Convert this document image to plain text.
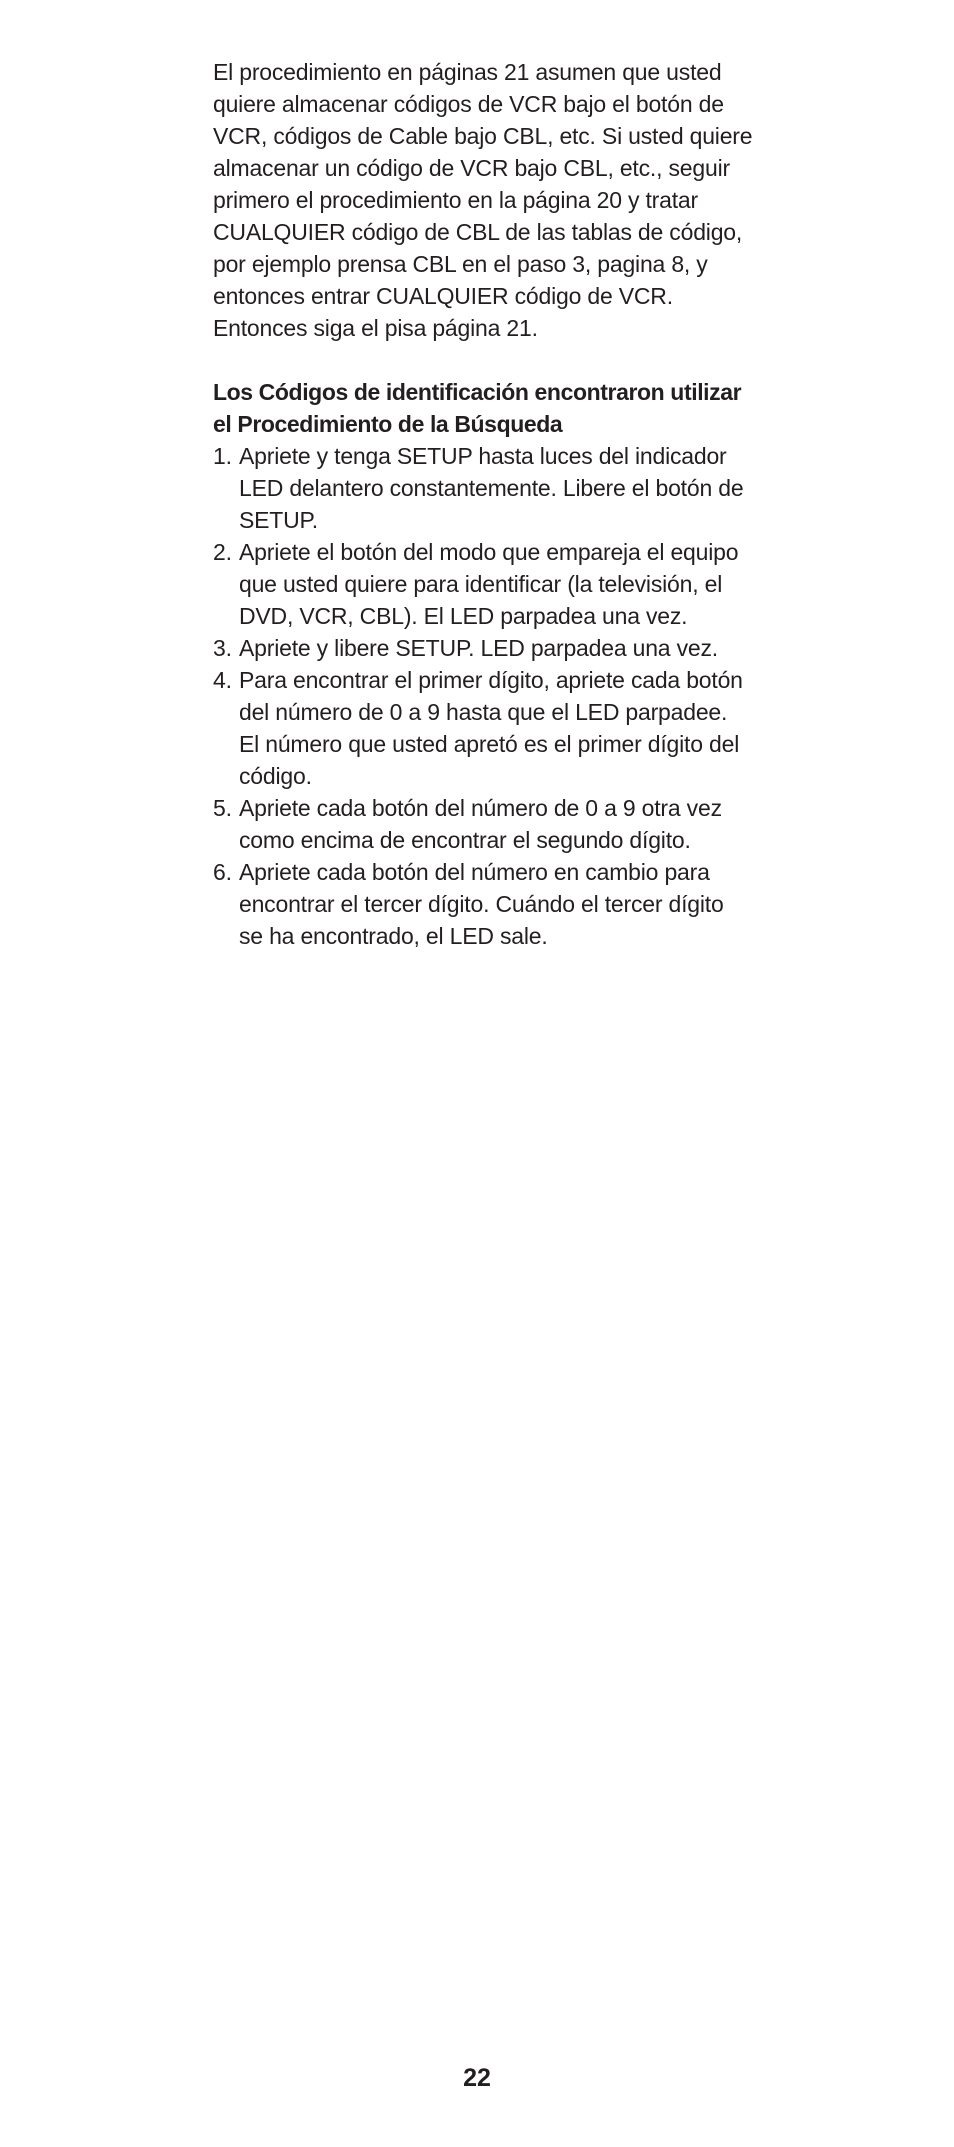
El procedimiento en páginas 21 asumen que usted quiere almacenar códigos de VCR bajo el botón de VCR, códigos de Cable bajo CBL, etc. Si usted quiere almacenar un código de VCR bajo CBL, etc., seguir primero el procedimiento en la página 20 y tratar CUALQUIER código de CBL de las tablas de código, por ejemplo prensa CBL en el paso 3, pagina 8, y entonces entrar CUALQUIER código de VCR. Entonces siga el pisa página 21.

Los Códigos de identificación encontraron utilizar el Procedimiento de la Búsqueda

1. Apriete y tenga SETUP hasta luces del indicador LED delantero constantemente. Libere el botón de SETUP.
2. Apriete el botón del modo que empareja el equipo que usted quiere para identificar (la televisión, el DVD, VCR, CBL). El LED parpadea una vez.
3. Apriete y libere SETUP. LED parpadea una vez.
4. Para encontrar el primer dígito, apriete cada botón del número de 0 a 9 hasta que el LED parpadee. El número que usted apretó es el primer dígito del código.
5. Apriete cada botón del número de 0 a 9 otra vez como encima de encontrar el segundo dígito.
6. Apriete cada botón del número en cambio para encontrar el tercer dígito. Cuándo el tercer dígito se ha encontrado, el LED sale.
22
